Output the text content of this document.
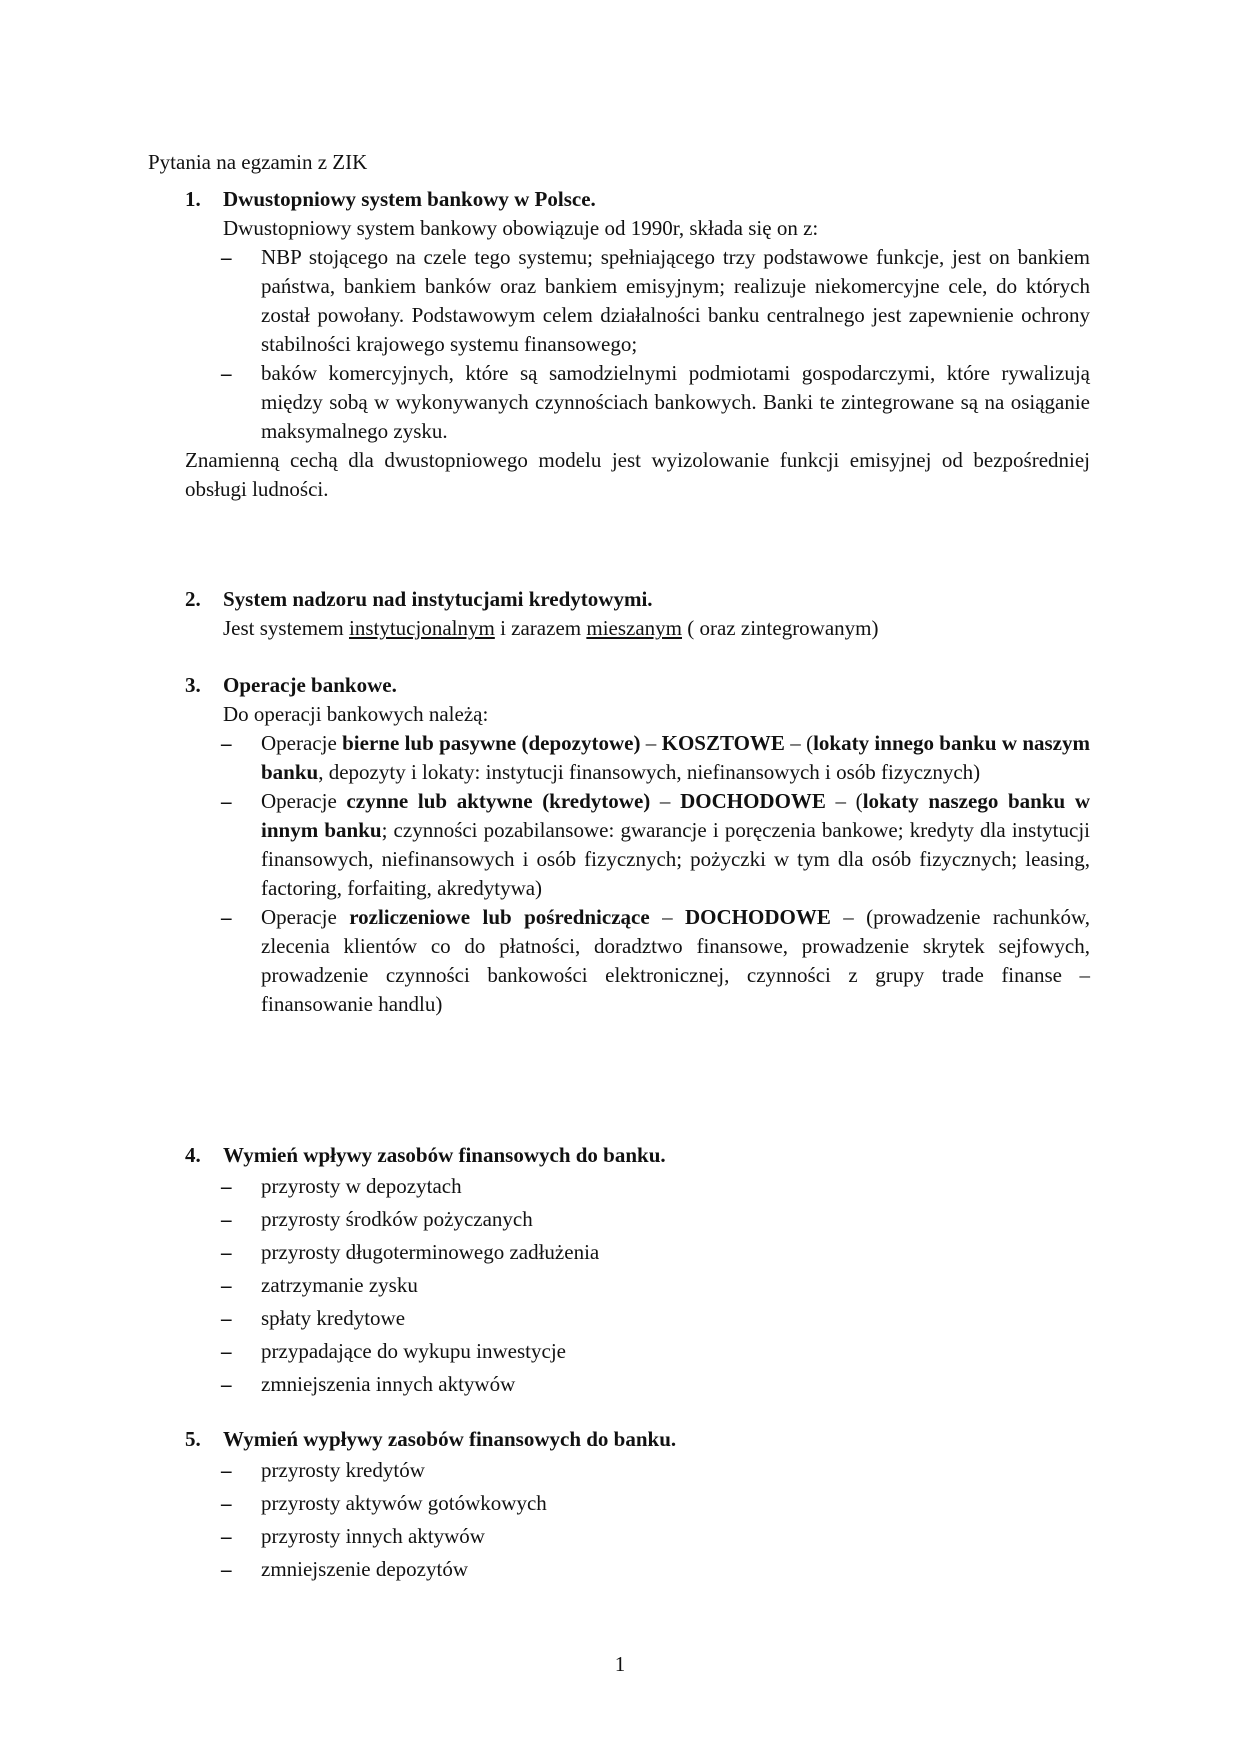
Pytania na egzamin z ZIK
1. Dwustopniowy system bankowy w Polsce.
Dwustopniowy system bankowy obowiązuje od 1990r, składa się on z:
– NBP stojącego na czele tego systemu; spełniającego trzy podstawowe funkcje, jest on bankiem państwa, bankiem banków oraz bankiem emisyjnym; realizuje niekomercyjne cele, do których został powołany. Podstawowym celem działalności banku centralnego jest zapewnienie ochrony stabilności krajowego systemu finansowego;
– baków komercyjnych, które są samodzielnymi podmiotami gospodarczymi, które rywalizują między sobą w wykonywanych czynnościach bankowych. Banki te zintegrowane są na osiąganie maksymalnego zysku.
Znamienną cechą dla dwustopniowego modelu jest wyizolowanie funkcji emisyjnej od bezpośredniej obsługi ludności.
2. System nadzoru nad instytucjami kredytowymi.
Jest systemem instytucjonalnym i zarazem mieszanym ( oraz zintegrowanym)
3. Operacje bankowe.
Do operacji bankowych należą:
– Operacje bierne lub pasywne (depozytowe) – KOSZTOWE – (lokaty innego banku w naszym banku, depozyty i lokaty: instytucji finansowych, niefinansowych i osób fizycznych)
– Operacje czynne lub aktywne (kredytowe) – DOCHODOWE – (lokaty naszego banku w innym banku; czynności pozabilansowe: gwarancje i poręczenia bankowe; kredyty dla instytucji finansowych, niefinansowych i osób fizycznych; pożyczki w tym dla osób fizycznych; leasing, factoring, forfaiting, akredytywa)
– Operacje rozliczeniowe lub pośredniczące – DOCHODOWE – (prowadzenie rachunków, zlecenia klientów co do płatności, doradztwo finansowe, prowadzenie skrytek sejfowych, prowadzenie czynności bankowości elektronicznej, czynności z grupy trade finanse – finansowanie handlu)
4. Wymień wpływy zasobów finansowych do banku.
– przyrosty w depozytach
– przyrosty środków pożyczanych
– przyrosty długoterminowego zadłużenia
– zatrzymanie zysku
– spłaty kredytowe
– przypadające do wykupu inwestycje
– zmniejszenia innych aktywów
5. Wymień wypływy zasobów finansowych do banku.
– przyrosty kredytów
– przyrosty aktywów gotówkowych
– przyrosty innych aktywów
– zmniejszenie depozytów
1
